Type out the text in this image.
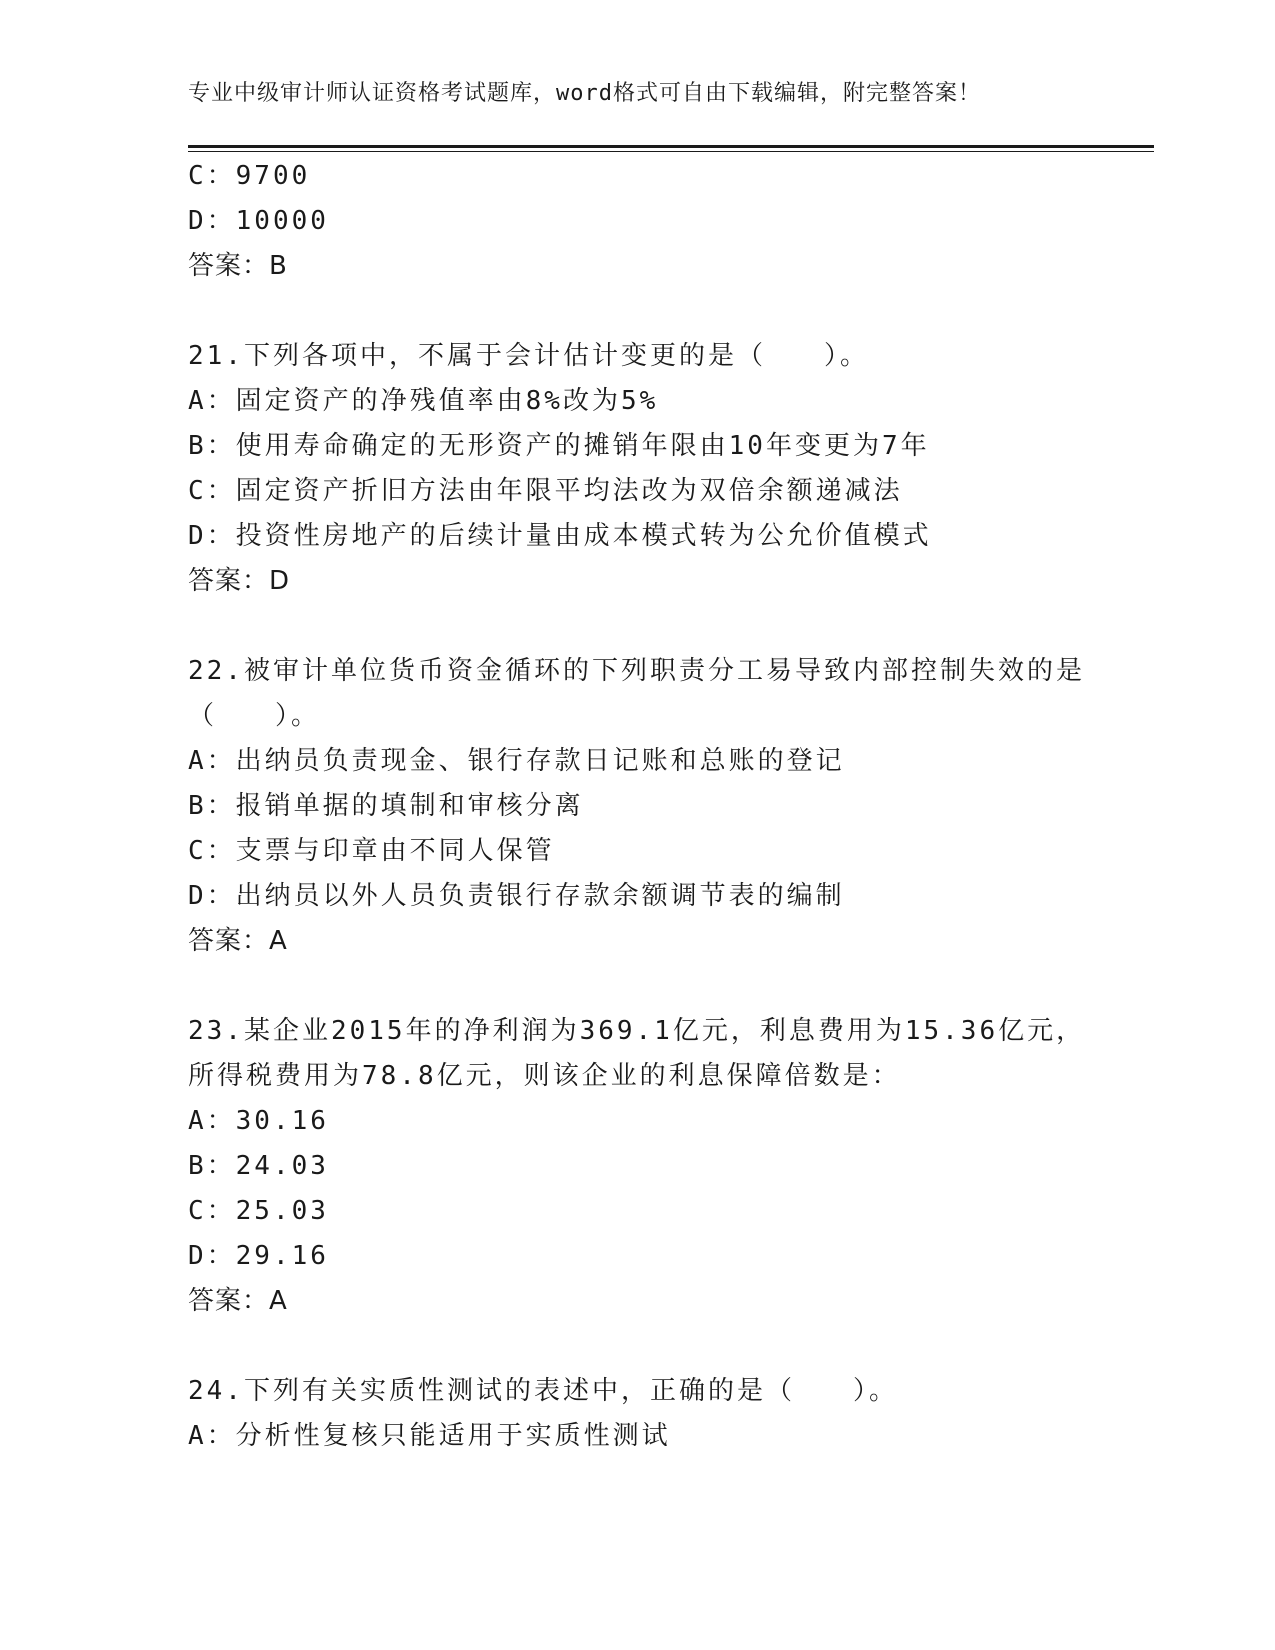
专业中级审计师认证资格考试题库，word格式可自由下载编辑，附完整答案！
C：9700
D：10000
答案：B
21.下列各项中，不属于会计估计变更的是（　　）。
A：固定资产的净残值率由8%改为5%
B：使用寿命确定的无形资产的摊销年限由10年变更为7年
C：固定资产折旧方法由年限平均法改为双倍余额递减法
D：投资性房地产的后续计量由成本模式转为公允价值模式
答案：D
22.被审计单位货币资金循环的下列职责分工易导致内部控制失效的是
（　　）。
A：出纳员负责现金、银行存款日记账和总账的登记
B：报销单据的填制和审核分离
C：支票与印章由不同人保管
D：出纳员以外人员负责银行存款余额调节表的编制
答案：A
23.某企业2015年的净利润为369.1亿元，利息费用为15.36亿元，
所得税费用为78.8亿元，则该企业的利息保障倍数是：
A：30.16
B：24.03
C：25.03
D：29.16
答案：A
24.下列有关实质性测试的表述中，正确的是（　　）。
A：分析性复核只能适用于实质性测试
